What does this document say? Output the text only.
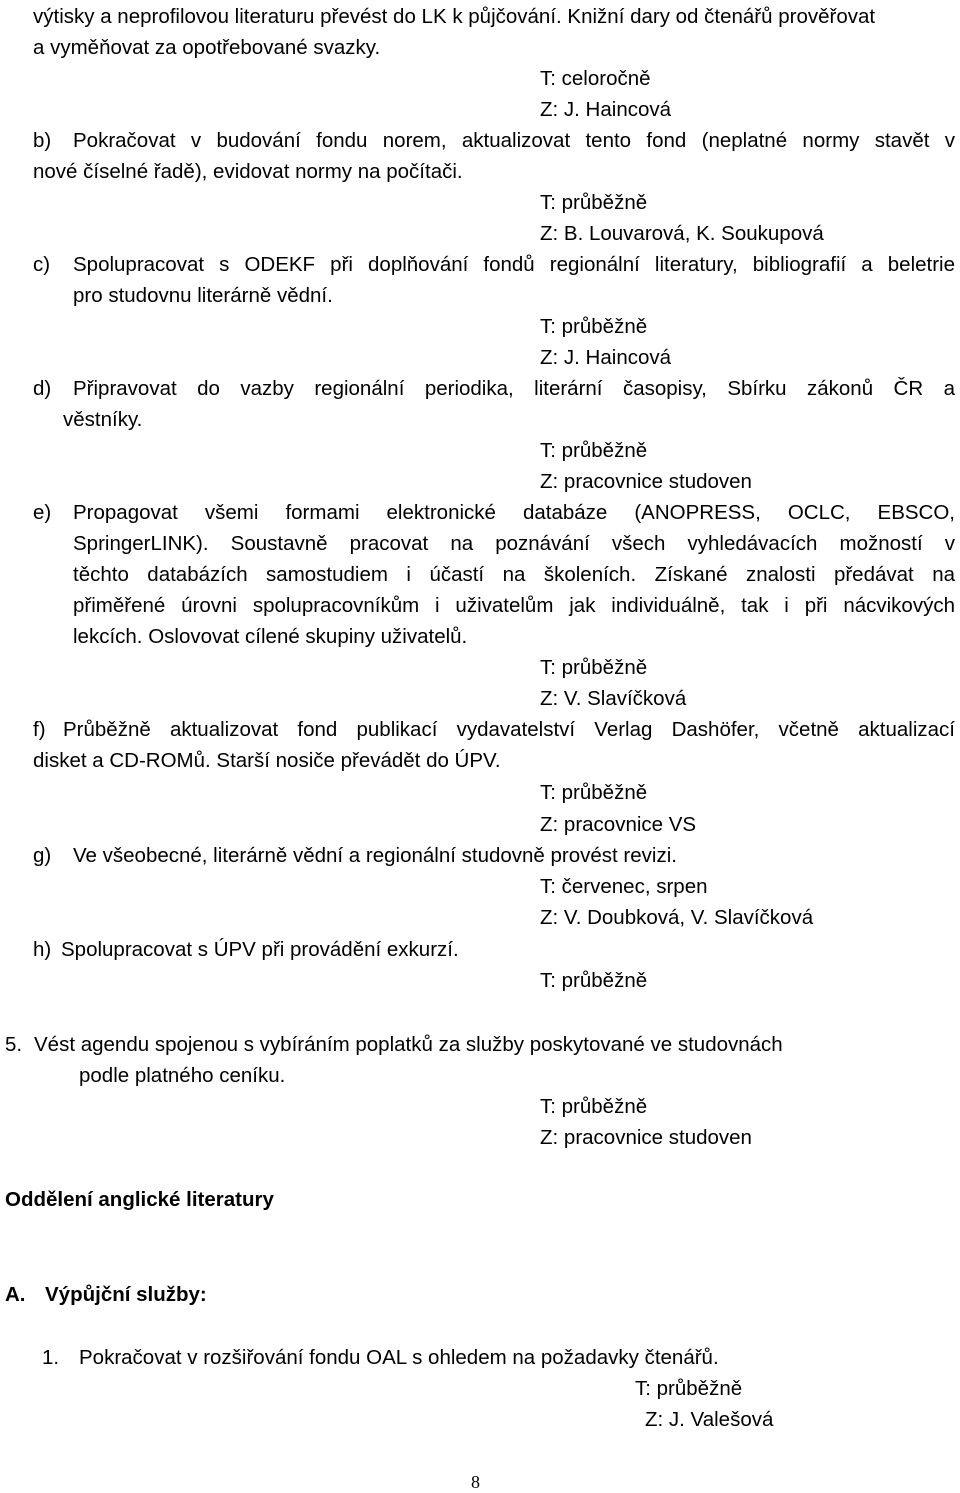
výtisky a neprofilovou literaturu převést do LK k půjčování. Knižní dary od čtenářů prověřovat
a vyměňovat za opotřebované svazky.
T: celoročně
Z: J. Haincová
b)	Pokračovat v budování fondu norem, aktualizovat tento fond (neplatné normy stavět v
nové číselné řadě), evidovat normy na počítači.
T: průběžně
Z: B. Louvarová, K. Soukupová
c)	Spolupracovat s ODEKF při doplňování fondů regionální literatury, bibliografií a beletrie
pro studovnu literárně vědní.
T: průběžně
Z: J. Haincová
d)	Připravovat do vazby regionální periodika, literární časopisy, Sbírku zákonů ČR a
věstníky.
T: průběžně
Z: pracovnice studoven
e)	Propagovat všemi formami elektronické databáze (ANOPRESS, OCLC, EBSCO,
SpringerLINK). Soustavně pracovat na poznávání všech vyhledávacích možností v
těchto databázích samostudiem i účastí na školeních. Získané znalosti předávat na
přiměřené úrovni spolupracovníkům i uživatelům jak individuálně, tak i při nácvikových
lekcích. Oslovovat cílené skupiny uživatelů.
T: průběžně
Z: V. Slavíčková
f) Průběžně aktualizovat fond publikací vydavatelství Verlag Dashöfer, včetně aktualizací
disket a CD-ROMů. Starší nosiče převádět do ÚPV.
T: průběžně
Z: pracovnice VS
g)	Ve všeobecné, literárně vědní a regionální studovně provést revizi.
T: červenec, srpen
Z: V. Doubková, V. Slavíčková
h) Spolupracovat s ÚPV při provádění exkurzí.
T: průběžně
5. Vést agendu spojenou s vybíráním poplatků za služby poskytované ve studovnách
podle platného ceníku.
T: průběžně
Z: pracovnice studoven
Oddělení anglické literatury
A. Výpůjční služby:
1. Pokračovat v rozšiřování fondu OAL s ohledem na požadavky čtenářů.
T: průběžně
Z: J. Valešová
8
